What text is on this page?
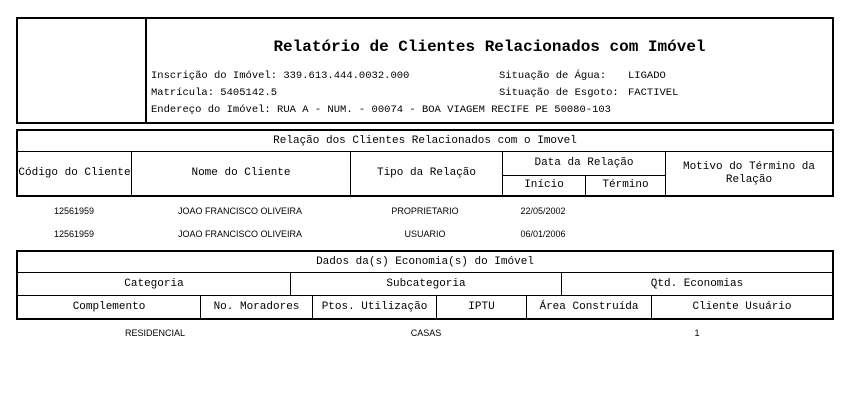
Relatório de Clientes Relacionados com Imóvel
Inscrição do Imóvel: 339.613.444.0032.000
Matrícula: 5405142.5
Endereço do Imóvel: RUA A - NUM. - 00074 - BOA VIAGEM RECIFE PE 50080-103
Situação de Água: LIGADO
Situação de Esgoto: FACTIVEL
Relação dos Clientes Relacionados com o Imovel
Código do Cliente	Nome do Cliente	Tipo da Relação
Data da Relação
Início	Término
Motivo do Término da Relação
12561959	JOAO FRANCISCO OLIVEIRA	PROPRIETARIO	22/05/2002
12561959	JOAO FRANCISCO OLIVEIRA	USUARIO	06/01/2006
Dados da(s) Economia(s) do Imóvel
Categoria	Subcategoria	Qtd. Economias
Complemento	No. Moradores	Ptos. Utilização	IPTU	Área Construída	Cliente Usuário
RESIDENCIAL	CASAS	1
